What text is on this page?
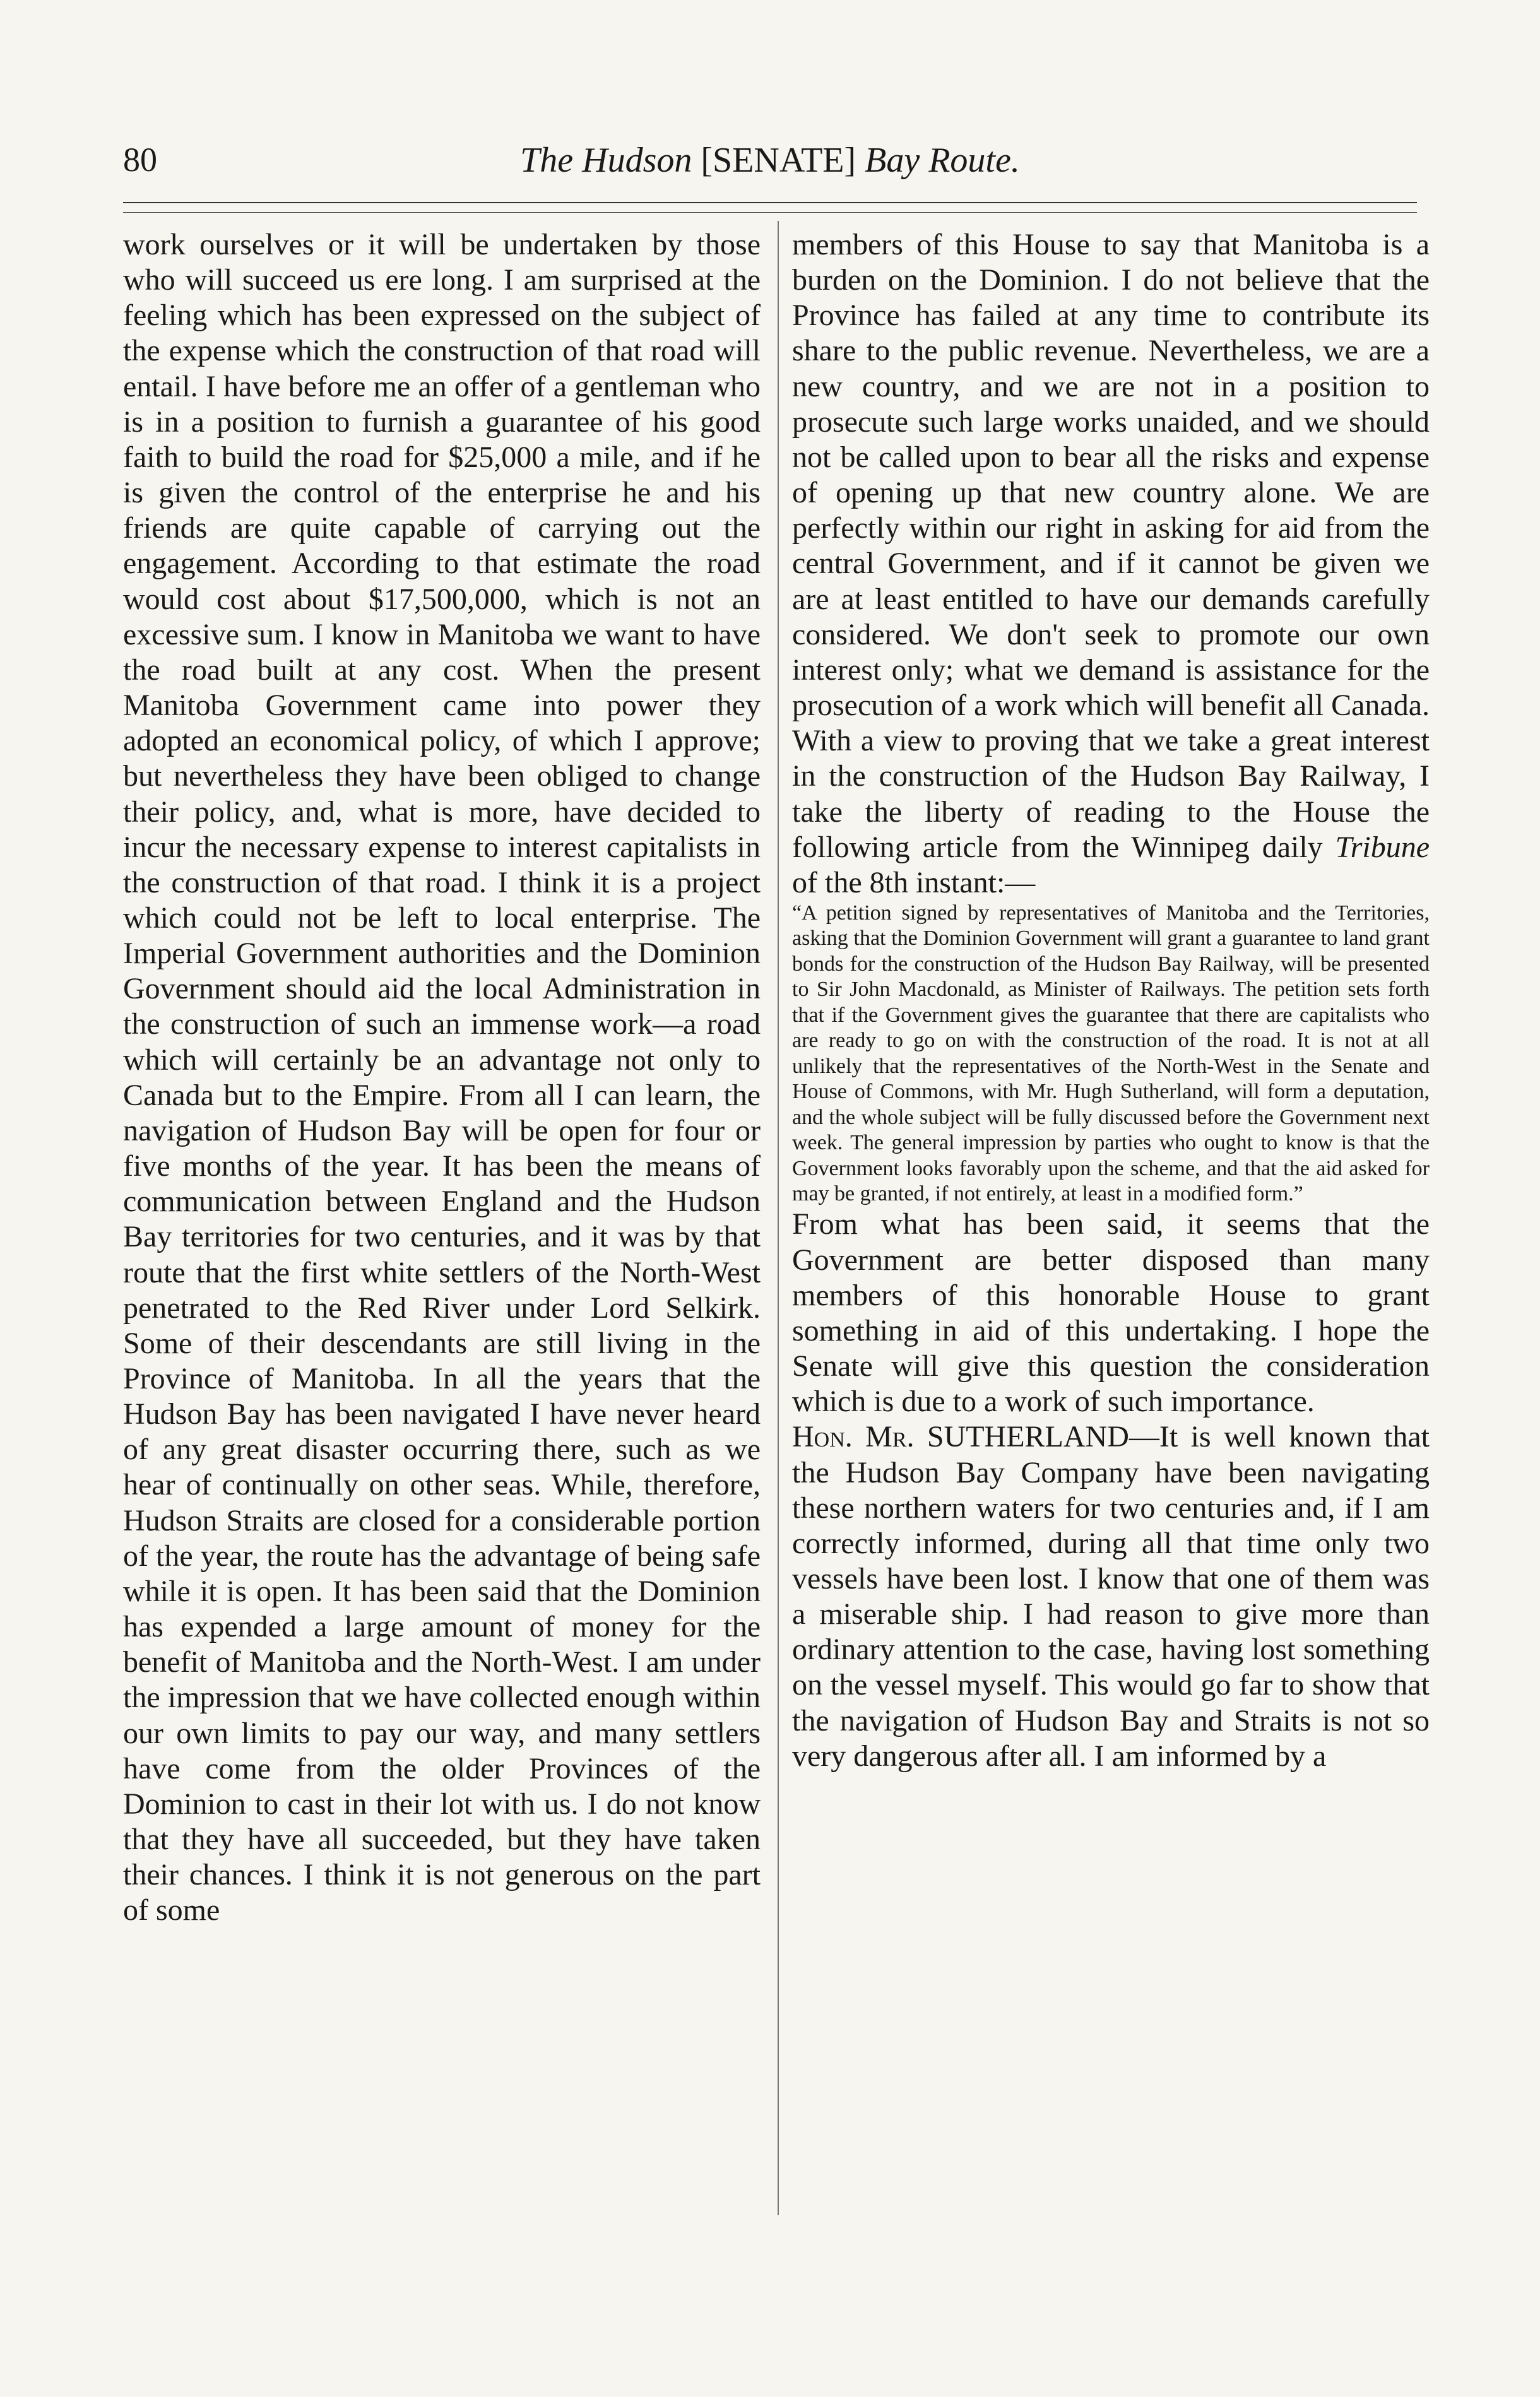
80	The Hudson [SENATE] Bay Route.

work ourselves or it will be undertaken by those who will succeed us ere long. I am surprised at the feeling which has been expressed on the subject of the expense which the construction of that road will entail. I have before me an offer of a gentleman who is in a position to furnish a guarantee of his good faith to build the road for $25,000 a mile, and if he is given the control of the enterprise he and his friends are quite capable of carrying out the engagement. According to that estimate the road would cost about $17,500,000, which is not an excessive sum. I know in Manitoba we want to have the road built at any cost. When the present Manitoba Government came into power they adopted an economical policy, of which I approve; but nevertheless they have been obliged to change their policy, and, what is more, have decided to incur the necessary expense to interest capitalists in the construction of that road. I think it is a project which could not be left to local enterprise. The Imperial Government authorities and the Dominion Government should aid the local Administration in the construction of such an immense work—a road which will certainly be an advantage not only to Canada but to the Empire. From all I can learn, the navigation of Hudson Bay will be open for four or five months of the year. It has been the means of communication between England and the Hudson Bay territories for two centuries, and it was by that route that the first white settlers of the North-West penetrated to the Red River under Lord Selkirk. Some of their descendants are still living in the Province of Manitoba. In all the years that the Hudson Bay has been navigated I have never heard of any great disaster occurring there, such as we hear of continually on other seas. While, therefore, Hudson Straits are closed for a considerable portion of the year, the route has the advantage of being safe while it is open. It has been said that the Dominion has expended a large amount of money for the benefit of Manitoba and the North-West. I am under the impression that we have collected enough within our own limits to pay our way, and many settlers have come from the older Provinces of the Dominion to cast in their lot with us. I do not know that they have all succeeded, but they have taken their chances. I think it is not generous on the part of some

members of this House to say that Manitoba is a burden on the Dominion. I do not believe that the Province has failed at any time to contribute its share to the public revenue. Nevertheless, we are a new country, and we are not in a position to prosecute such large works unaided, and we should not be called upon to bear all the risks and expense of opening up that new country alone. We are perfectly within our right in asking for aid from the central Government, and if it cannot be given we are at least entitled to have our demands carefully considered. We don't seek to promote our own interest only; what we demand is assistance for the prosecution of a work which will benefit all Canada. With a view to proving that we take a great interest in the construction of the Hudson Bay Railway, I take the liberty of reading to the House the following article from the Winnipeg daily Tribune of the 8th instant:—

“A petition signed by representatives of Manitoba and the Territories, asking that the Dominion Government will grant a guarantee to land grant bonds for the construction of the Hudson Bay Railway, will be presented to Sir John Macdonald, as Minister of Railways. The petition sets forth that if the Government gives the guarantee that there are capitalists who are ready to go on with the construction of the road. It is not at all unlikely that the representatives of the North-West in the Senate and House of Commons, with Mr. Hugh Sutherland, will form a deputation, and the whole subject will be fully discussed before the Government next week. The general impression by parties who ought to know is that the Government looks favorably upon the scheme, and that the aid asked for may be granted, if not entirely, at least in a modified form.”

From what has been said, it seems that the Government are better disposed than many members of this honorable House to grant something in aid of this undertaking. I hope the Senate will give this question the consideration which is due to a work of such importance.

Hon. Mr. SUTHERLAND—It is well known that the Hudson Bay Company have been navigating these northern waters for two centuries and, if I am correctly informed, during all that time only two vessels have been lost. I know that one of them was a miserable ship. I had reason to give more than ordinary attention to the case, having lost something on the vessel myself. This would go far to show that the navigation of Hudson Bay and Straits is not so very dangerous after all. I am informed by a
